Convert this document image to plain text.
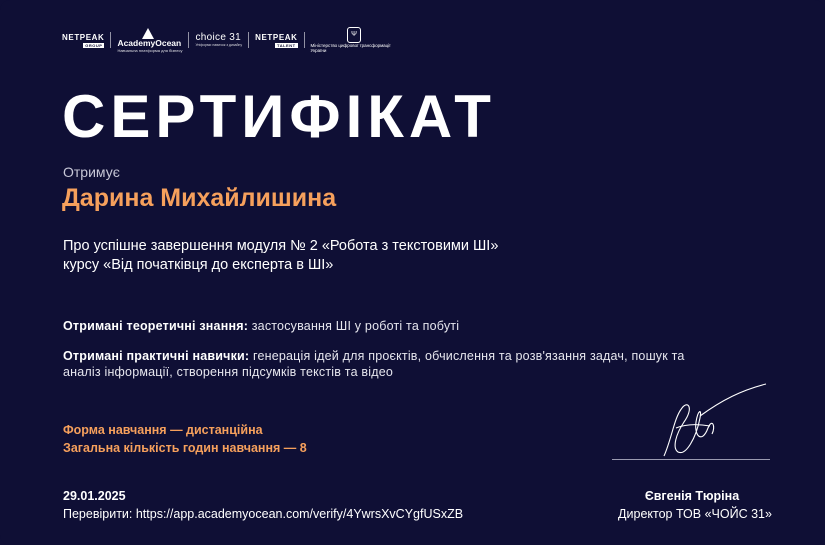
NETPEAK
GROUP AcademyOcean
Навчальна платформа для бізнесу
choice 31
Уніформи навичок з дизайну
NETPEAK
TALENT
Ψ
Міністерство цифрової трансформації України
СЕРТИФІКАТ
Отримує
Дарина Михайлишина
Про успішне завершення модуля № 2 «Робота з текстовими ШІ»
курсу «Від початківця до експерта в ШІ»
Отримані теоретичні знання: застосування ШІ у роботі та побуті
Отримані практичні навички: генерація ідей для проєктів, обчислення та розв'язання задач, пошук та аналіз інформації, створення підсумків текстів та відео
Форма навчання — дистанційна
Загальна кількість годин навчання — 8
29.01.2025
Перевірити: https://app.academyocean.com/verify/4YwrsXvCYgfUSxZB
Євгенія Тюріна
Директор ТОВ «ЧОЙС 31»
